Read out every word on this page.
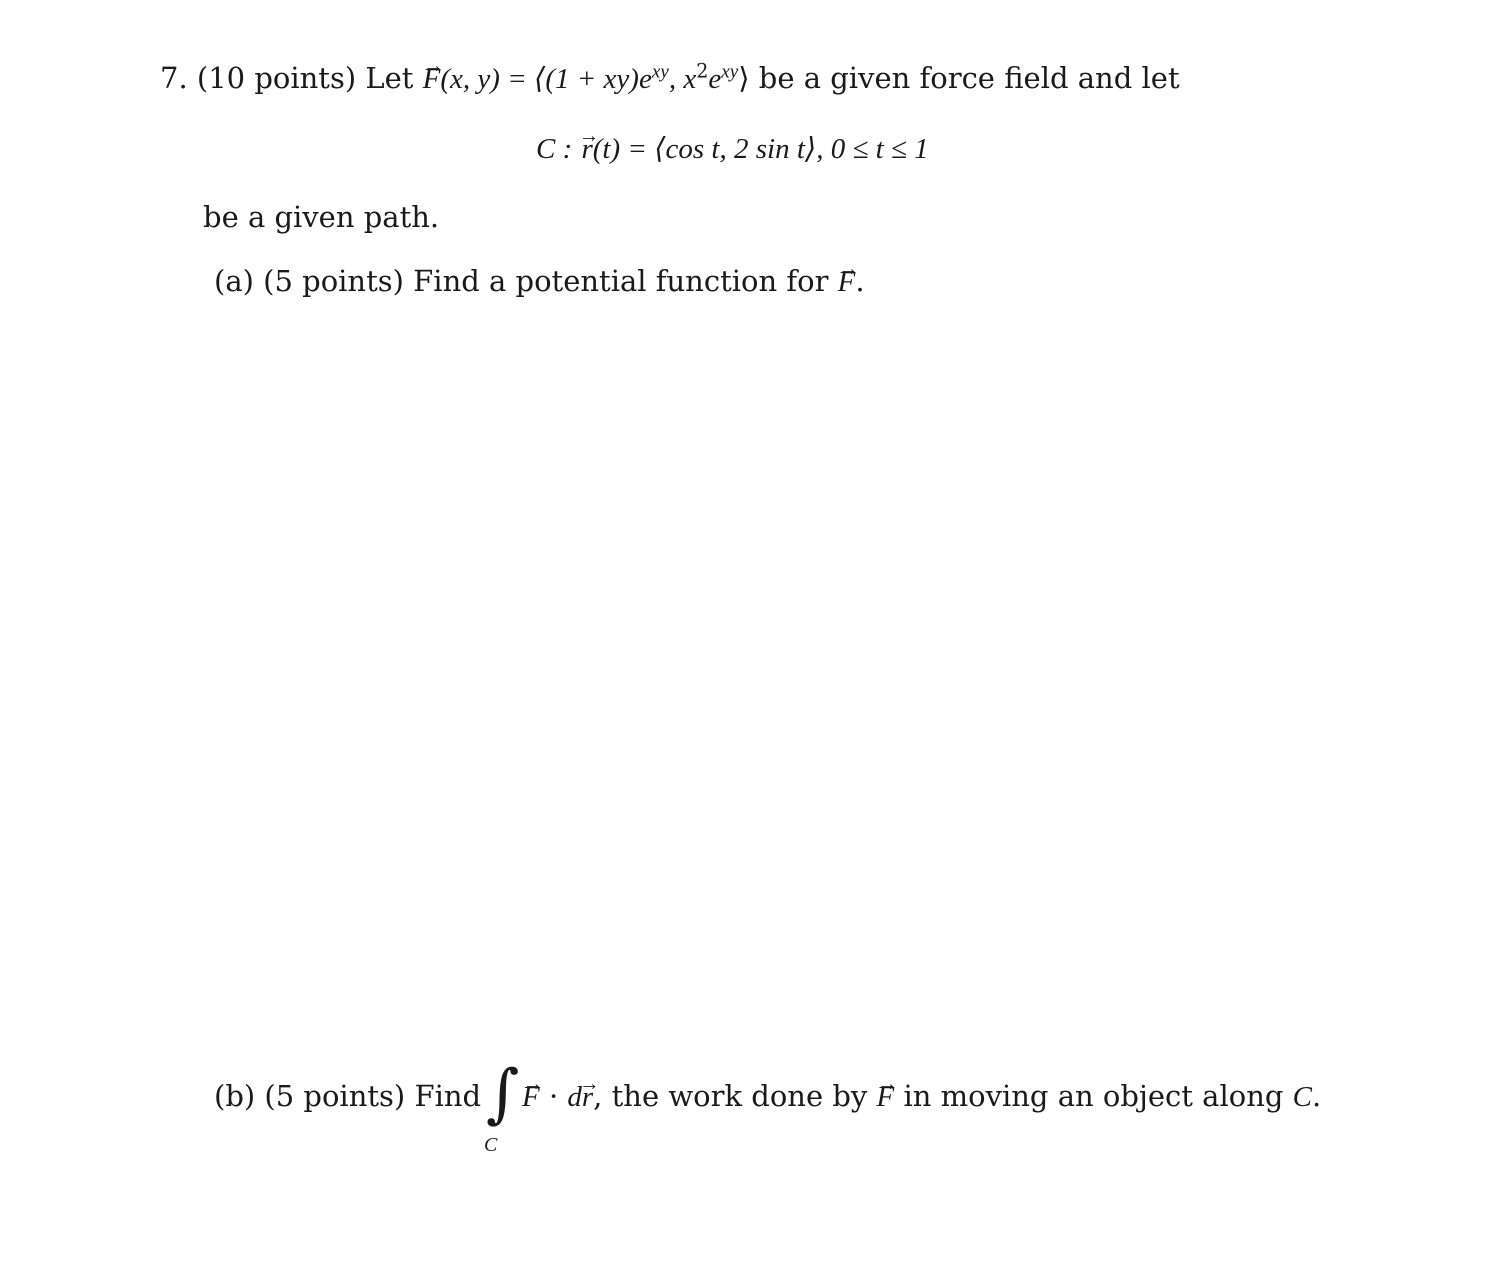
7. (10 points) Let → F(x, y) = ⟨(1 + $xy)e^{xy}$, $x^2e^{xy}⟩$ be a given force field and let
C : → r(t) = ⟨cos t, 2 sin t⟩, 0 ≤ t ≤ 1
be a given path.
(a) (5 points) Find a potential function for → F.
(b) (5 points) Find ∫
C
→ F · d→ r, the work done by → F in moving an object along C.
